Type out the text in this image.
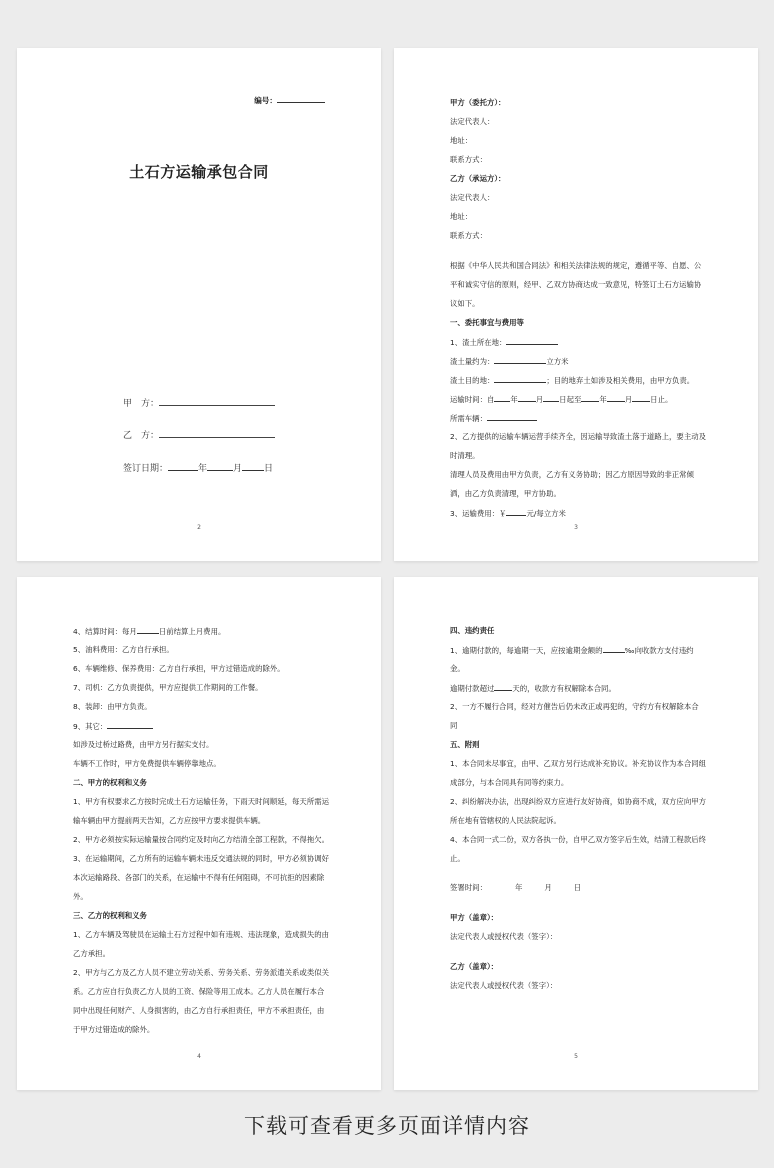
编号：
土石方运输承包合同
甲　方：
乙　方：
签订日期：	年	月 日
2
甲方（委托方）：
法定代表人：
地址：
联系方式：
乙方（承运方）：
法定代表人：
地址：
联系方式：
根据《中华人民共和国合同法》和相关法律法规的规定，遵循平等、自愿、公
平和诚实守信的原则，经甲、乙双方协商达成一致意见，特签订土石方运输协
议如下。
一、委托事宜与费用等
1、渣土所在地：
渣土量约为：	立方米
渣土目的地：	；目的地弃土如涉及相关费用，由甲方负责。
运输时间：自 年 月 日起至 年 月 日止。
所需车辆：
2、乙方提供的运输车辆运营手续齐全，因运输导致渣土落于道路上，要主动及
时清理。
清理人员及费用由甲方负责，乙方有义务协助；因乙方原因导致的非正常倾
洒，由乙方负责清理，甲方协助。
3、运输费用：￥	元/每立方米
3
4、结算时间：每月	日前结算上月费用。
5、油料费用：乙方自行承担。
6、车辆维修、保养费用：乙方自行承担，甲方过错造成的除外。
7、司机：乙方负责提供，甲方应提供工作期间的工作餐。
8、装卸：由甲方负责。
9、其它：
如涉及过桥过路费，由甲方另行据实支付。
车辆不工作时，甲方免费提供车辆停靠地点。
二、甲方的权利和义务
1、甲方有权要求乙方按时完成土石方运输任务，下雨天时间顺延，每天所需运
输车辆由甲方提前两天告知，乙方应按甲方要求提供车辆。
2、甲方必须按实际运输量按合同约定及时向乙方结清全部工程款，不得拖欠。
3、在运输期间，乙方所有的运输车辆未违反交通法规的同时，甲方必须协调好
本次运输路段、各部门的关系，在运输中不得有任何阻碍，不可抗拒的因素除
外。
三、乙方的权利和义务
1、乙方车辆及驾驶员在运输土石方过程中如有违规、违法现象，造成损失的由
乙方承担。
2、甲方与乙方及乙方人员不建立劳动关系、劳务关系、劳务派遣关系或类似关
系。乙方应自行负责乙方人员的工资、保险等用工成本。乙方人员在履行本合
同中出现任何财产、人身损害的，由乙方自行承担责任，甲方不承担责任，由
于甲方过错造成的除外。
4
四、违约责任
1、逾期付款的，每逾期一天，应按逾期金额的	‰向收款方支付违约
金。
逾期付款超过 天的，收款方有权解除本合同。
2、一方不履行合同，经对方催告后仍未改正或再犯的，守约方有权解除本合
同
五、附则
1、本合同未尽事宜，由甲、乙双方另行达成补充协议。补充协议作为本合同组
成部分，与本合同具有同等约束力。
2、纠纷解决办法，出现纠纷双方应进行友好协商，如协商不成，双方应向甲方
所在地有管辖权的人民法院起诉。
4、本合同一式二份，双方各执一份，自甲乙双方签字后生效，结清工程款后终
止。
签署时间：	年	月	日
甲方（盖章）：
法定代表人或授权代表（签字）：
乙方（盖章）：
法定代表人或授权代表（签字）：
5
下载可查看更多页面详情内容
